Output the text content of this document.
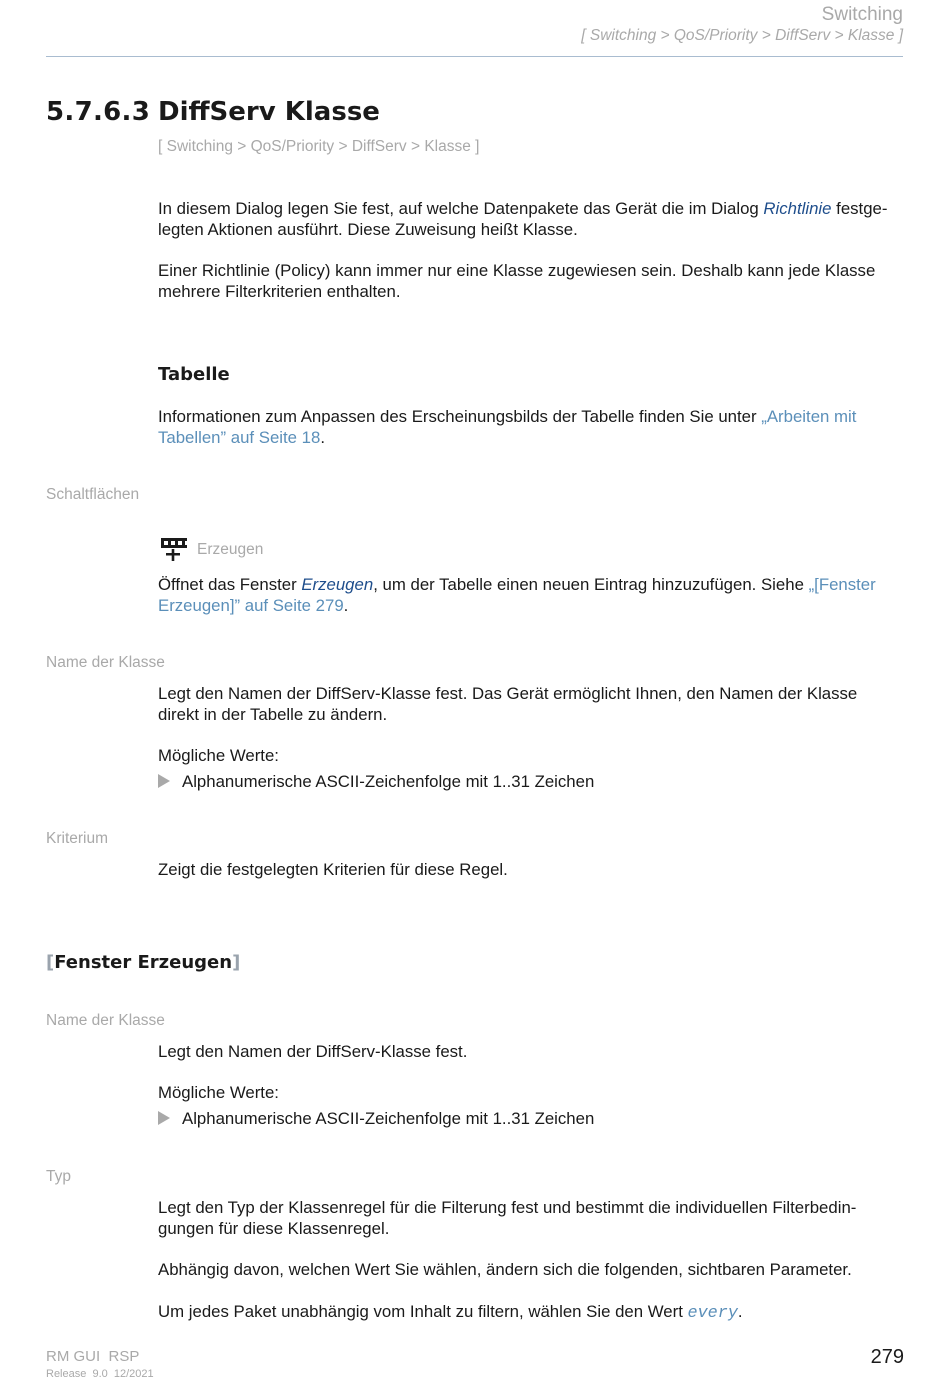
Switching
[ Switching > QoS/Priority > DiffServ > Klasse ]
5.7.6.3 DiffServ Klasse
[ Switching > QoS/Priority > DiffServ > Klasse ]
In diesem Dialog legen Sie fest, auf welche Datenpakete das Gerät die im Dialog Richtlinie festge-
legten Aktionen ausführt. Diese Zuweisung heißt Klasse.
Einer Richtlinie (Policy) kann immer nur eine Klasse zugewiesen sein. Deshalb kann jede Klasse
mehrere Filterkriterien enthalten.
Tabelle
Informationen zum Anpassen des Erscheinungsbilds der Tabelle finden Sie unter „Arbeiten mit
Tabellen” auf Seite 18.
Schaltflächen
Erzeugen
Öffnet das Fenster Erzeugen, um der Tabelle einen neuen Eintrag hinzuzufügen. Siehe „[Fenster
Erzeugen]” auf Seite 279.
Name der Klasse
Legt den Namen der DiffServ-Klasse fest. Das Gerät ermöglicht Ihnen, den Namen der Klasse
direkt in der Tabelle zu ändern.
Mögliche Werte:
Alphanumerische ASCII-Zeichenfolge mit 1..31 Zeichen
Kriterium
Zeigt die festgelegten Kriterien für diese Regel.
[Fenster Erzeugen]
Name der Klasse
Legt den Namen der DiffServ-Klasse fest.
Mögliche Werte:
Alphanumerische ASCII-Zeichenfolge mit 1..31 Zeichen
Typ
Legt den Typ der Klassenregel für die Filterung fest und bestimmt die individuellen Filterbedin-
gungen für diese Klassenregel.
Abhängig davon, welchen Wert Sie wählen, ändern sich die folgenden, sichtbaren Parameter.
Um jedes Paket unabhängig vom Inhalt zu filtern, wählen Sie den Wert every.
RM GUI  RSP
Release  9.0  12/2021
279
